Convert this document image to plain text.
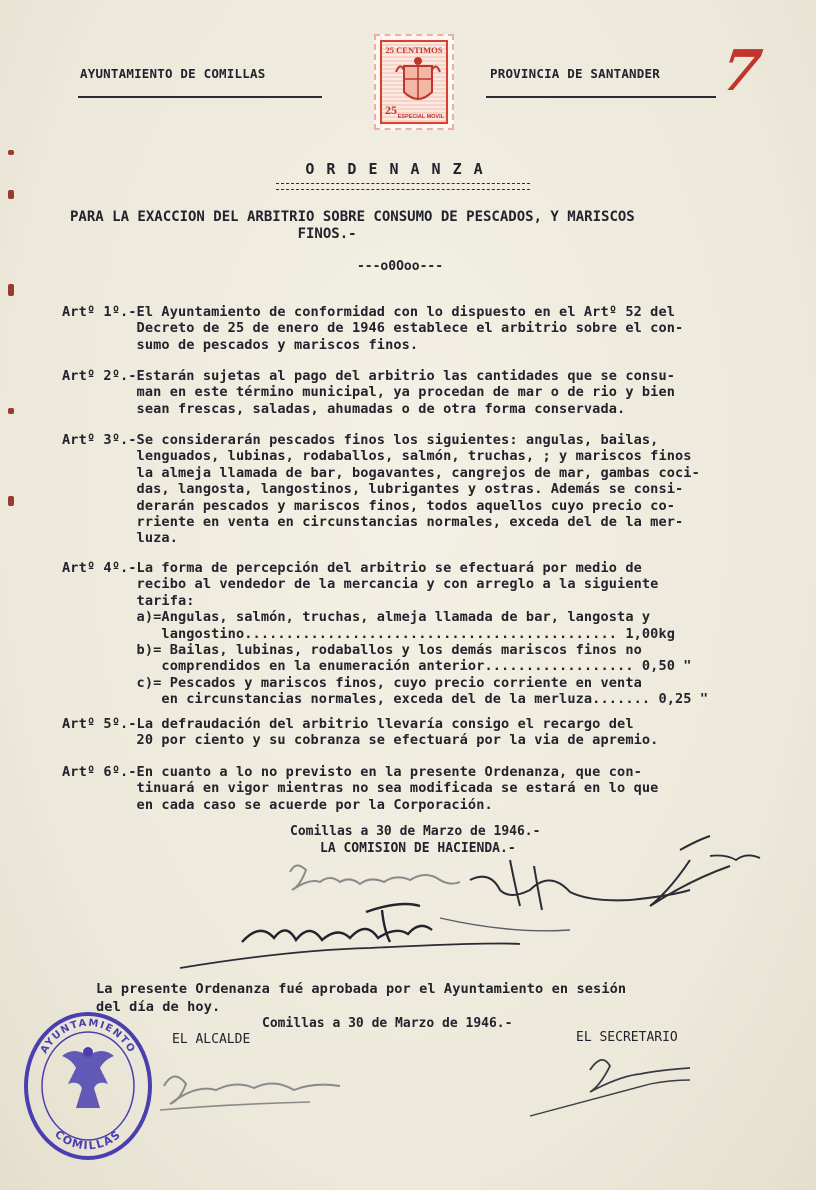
AYUNTAMIENTO DE COMILLAS	PROVINCIA DE SANTANDER	7
25 CENTIMOS
25 ESPECIAL MOVIL
ORDENANZA
PARA LA EXACCION DEL ARBITRIO SOBRE CONSUMO DE PESCADOS, Y MARISCOS
FINOS.-
---o0Ooo---
Artº 1º.-El Ayuntamiento de conformidad con lo dispuesto en el Artº 52 del
Decreto de 25 de enero de 1946 establece el arbitrio sobre el con-
sumo de pescados y mariscos finos.
Artº 2º.-Estarán sujetas al pago del arbitrio las cantidades que se consu-
man en este término municipal, ya procedan de mar o de rio y bien
sean frescas, saladas, ahumadas o de otra forma conservada.
Artº 3º.-Se considerarán pescados finos los siguientes: angulas, bailas,
lenguados, lubinas, rodaballos, salmón, truchas, ; y mariscos finos
la almeja llamada de bar, bogavantes, cangrejos de mar, gambas coci-
das, langosta, langostinos, lubrigantes y ostras. Además se consi-
derarán pescados y mariscos finos, todos aquellos cuyo precio co-
rriente en venta en circunstancias normales, exceda del de la mer-
luza.
Artº 4º.-La forma de percepción del arbitrio se efectuará por medio de
recibo al vendedor de la mercancia y con arreglo a la siguiente
tarifa:
a)=Angulas, salmón, truchas, almeja llamada de bar, langosta y
langostino............................................. 1,00kg
b)= Bailas, lubinas, rodaballos y los demás mariscos finos no
comprendidos en la enumeración anterior.................. 0,50 "
c)= Pescados y mariscos finos, cuyo precio corriente en venta
en circunstancias normales, exceda del de la merluza....... 0,25 "
Artº 5º.-La defraudación del arbitrio llevaría consigo el recargo del
20 por ciento y su cobranza se efectuará por la via de apremio.
Artº 6º.-En cuanto a lo no previsto en la presente Ordenanza, que con-
tinuará en vigor mientras no sea modificada se estará en lo que
en cada caso se acuerde por la Corporación.
Comillas a 30 de Marzo de 1946.-
LA COMISION DE HACIENDA.-
La presente Ordenanza fué aprobada por el Ayuntamiento en sesión
del día de hoy.
Comillas a 30 de Marzo de 1946.-
EL ALCALDE	EL SECRETARIO
AYUNTAMIENTO
COMILLAS
